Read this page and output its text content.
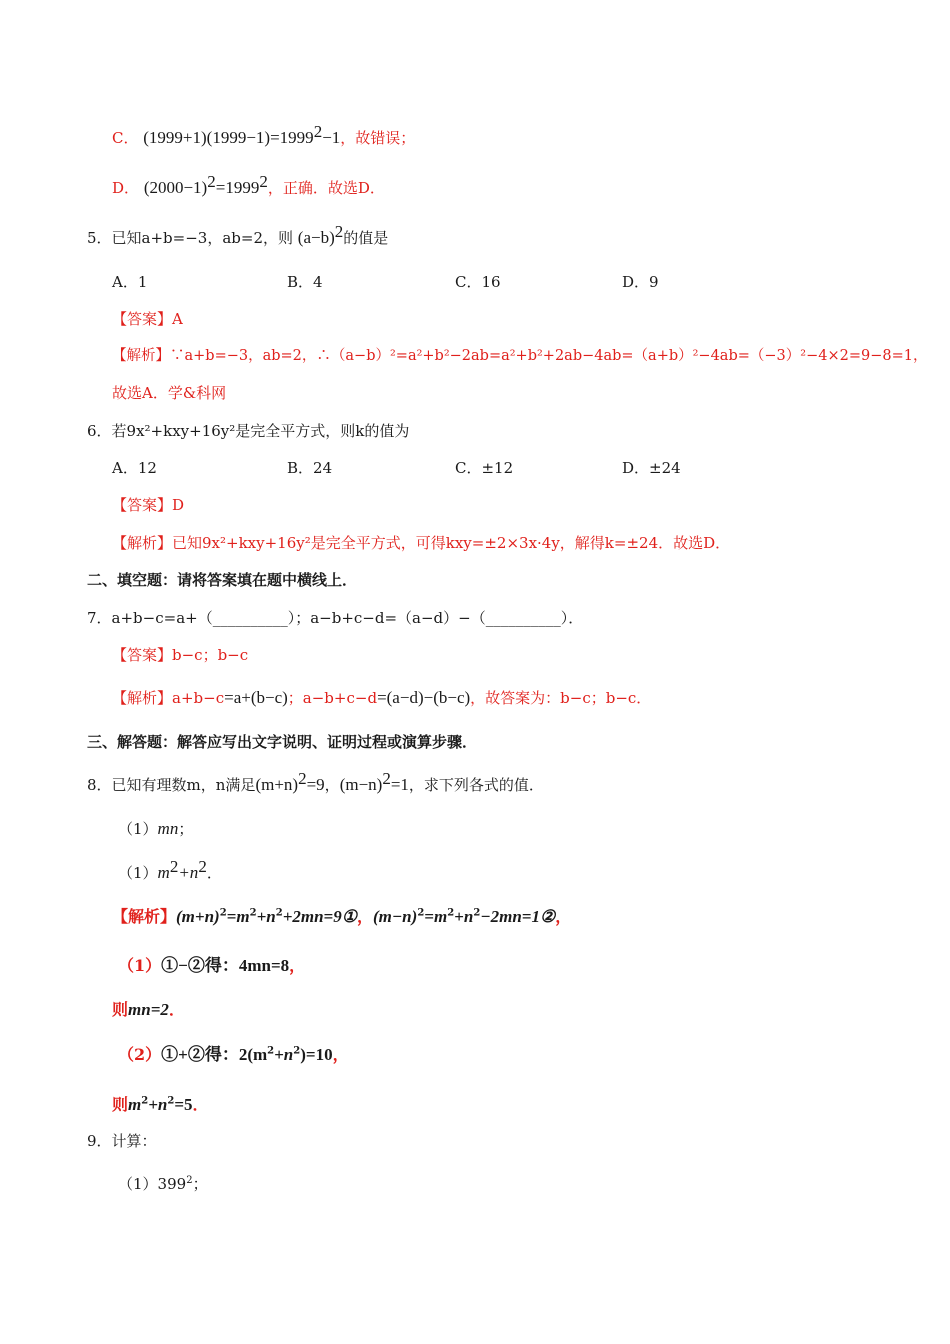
C． $(1999+1)(1999-1)=1999^2-1$，故错误；
D． $(2000-1)^2=1999^2$，正确．故选D．
5．已知a+b=−3，ab=2，则 $(a-b)^2$的值是
A．1	B．4	C．16	D．9
【答案】A
【解析】∵a+b=−3，ab=2，∴（a−b）²=a²+b²−2ab=a²+b²+2ab−4ab=（a+b）²−4ab=（−3）²−4×2=9−8=1，
故选A．学&科网
6．若9x²+kxy+16y²是完全平方式，则k的值为
A．12	B．24	C．±12	D．±24
【答案】D
【解析】已知9x²+kxy+16y²是完全平方式，可得kxy=±2×3x·4y，解得k=±24．故选D．
二、填空题：请将答案填在题中横线上．
7．a+b−c=a+（__________）；a−b+c−d=（a−d）−（__________）．
【答案】b−c；b−c
【解析】a+b−c=a+(b−c)；a−b+c−d=(a−d)−(b−c)，故答案为：b−c；b−c．
三、解答题：解答应写出文字说明、证明过程或演算步骤．
8．已知有理数m，n满足$(m+n)^2=9$，$(m-n)^2=1$，求下列各式的值．
（1）mn；
$(1)m^2+n^2$．
【解析】$(m+n)^2=m^2+n^2+2mn=9①$，$(m-n)^2=m^2+n^2-2mn=1②$，
（1）①−②得：4mn=8，
则mn=2．
（2）①+②得：$2(m^2+n^2)=10$，
则$m^2+n^2=5$．
9．计算：
$(1)399^2$；
